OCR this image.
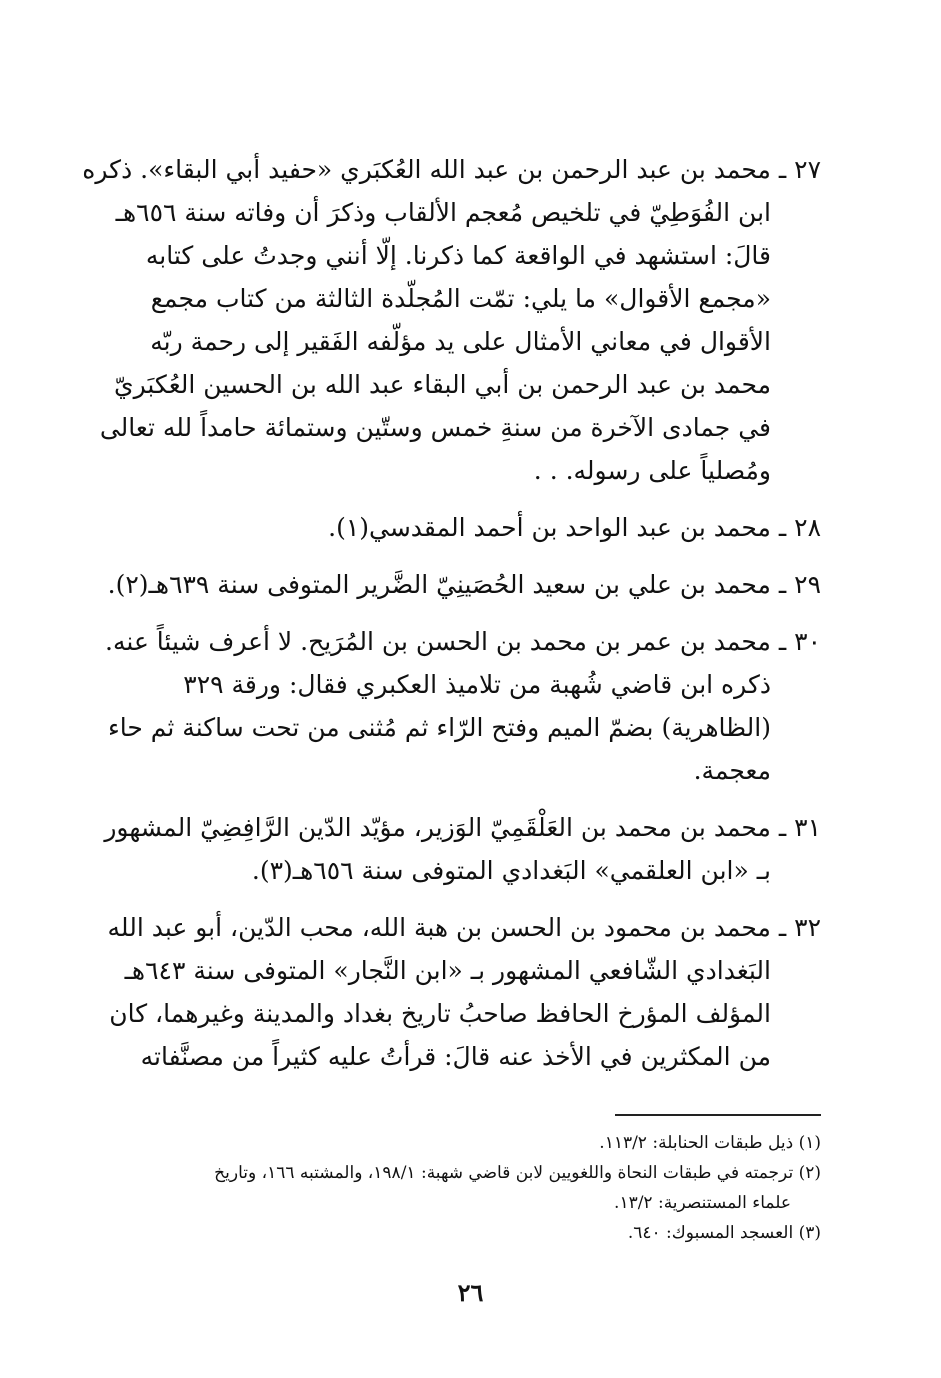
٢٧ ـ محمد بن عبد الرحمن بن عبد الله العُكبَري «حفيد أبي البقاء». ذكره
ابن الفُوَطِيّ في تلخيص مُعجم الألقاب وذكرَ أن وفاته سنة ٦٥٦هـ
قالَ: استشهد في الواقعة كما ذكرنا. إلّا أنني وجدتُ على كتابه
«مجمع الأقوال» ما يلي: تمّت المُجلّدة الثالثة من كتاب مجمع
الأقوال في معاني الأمثال على يد مؤلّفه الفَقير إلى رحمة ربّه
محمد بن عبد الرحمن بن أبي البقاء عبد الله بن الحسين العُكبَريّ
في جمادى الآخرة من سنةِ خمس وستّين وستمائة حامداً لله تعالى
ومُصلياً على رسوله. . .
٢٨ ـ محمد بن عبد الواحد بن أحمد المقدسي(١).
٢٩ ـ محمد بن علي بن سعيد الحُصَينِيّ الضَّرير المتوفى سنة ٦٣٩هـ(٢).
٣٠ ـ محمد بن عمر بن محمد بن الحسن بن المُرَيح. لا أعرف شيئاً عنه.
ذكره ابن قاضي شُهبة من تلاميذ العكبري فقال: ورقة ٣٢٩
(الظاهرية) بضمّ الميم وفتح الرّاء ثم مُثنى من تحت ساكنة ثم حاء
معجمة.
٣١ ـ محمد بن محمد بن العَلْقَمِيّ الوَزير، مؤيّد الدّين الرَّافِضِيّ المشهور
بـ «ابن العلقمي» البَغدادي المتوفى سنة ٦٥٦هـ(٣).
٣٢ ـ محمد بن محمود بن الحسن بن هبة الله، محب الدّين، أبو عبد الله
البَغدادي الشّافعي المشهور بـ «ابن النَّجار» المتوفى سنة ٦٤٣هـ
المؤلف المؤرخ الحافظ صاحبُ تاريخ بغداد والمدينة وغيرهما، كان
من المكثرين في الأخذ عنه قالَ: قرأتُ عليه كثيراً من مصنَّفاته
(١) ذيل طبقات الحنابلة: ١١٣/٢.
(٢) ترجمته في طبقات النحاة واللغويين لابن قاضي شهبة: ١٩٨/١، والمشتبه ١٦٦، وتاريخ
علماء المستنصرية: ١٣/٢.
(٣) العسجد المسبوك: ٦٤٠.
٢٦
